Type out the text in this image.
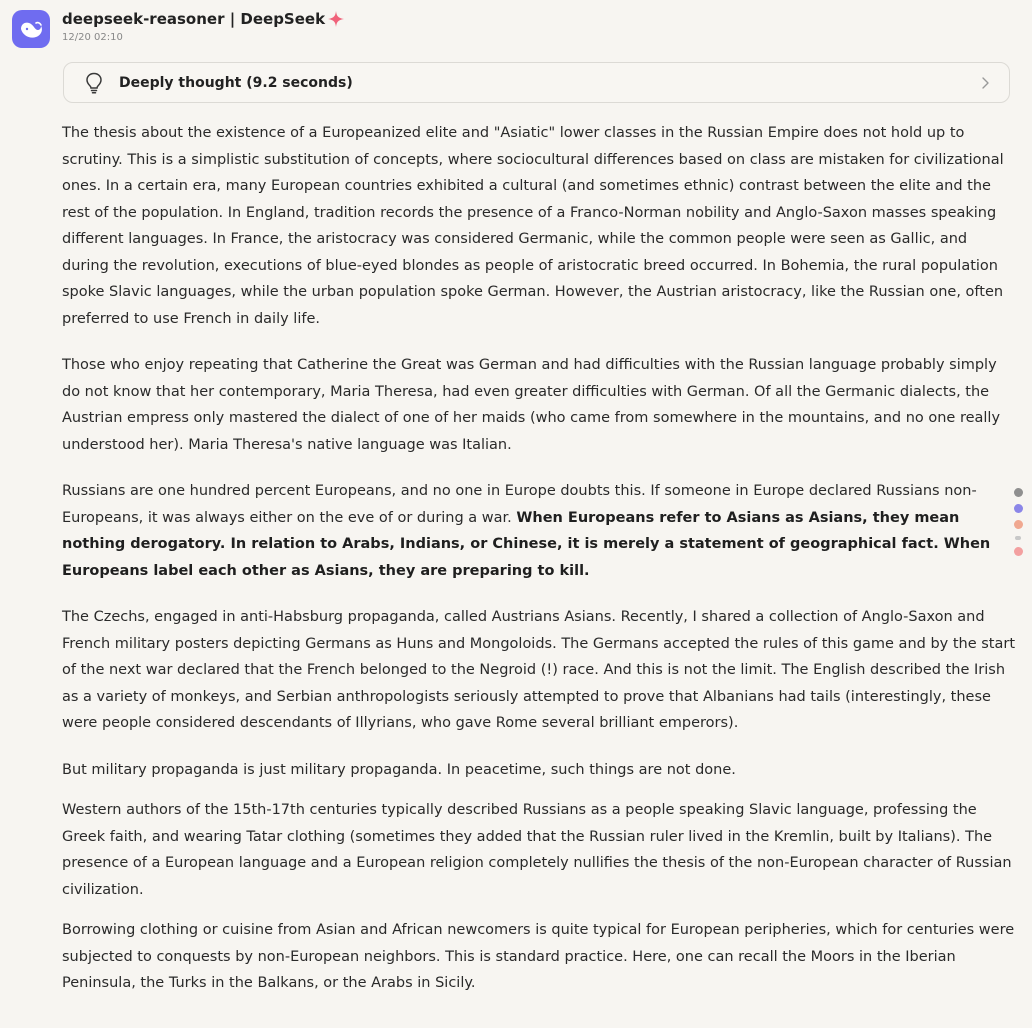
deepseek-reasoner | DeepSeek
12/20 02:10
Deeply thought (9.2 seconds)

The thesis about the existence of a Europeanized elite and "Asiatic" lower classes in the Russian Empire does not hold up to scrutiny. This is a simplistic substitution of concepts, where sociocultural differences based on class are mistaken for civilizational ones. In a certain era, many European countries exhibited a cultural (and sometimes ethnic) contrast between the elite and the rest of the population. In England, tradition records the presence of a Franco-Norman nobility and Anglo-Saxon masses speaking different languages. In France, the aristocracy was considered Germanic, while the common people were seen as Gallic, and during the revolution, executions of blue-eyed blondes as people of aristocratic breed occurred. In Bohemia, the rural population spoke Slavic languages, while the urban population spoke German. However, the Austrian aristocracy, like the Russian one, often preferred to use French in daily life.

Those who enjoy repeating that Catherine the Great was German and had difficulties with the Russian language probably simply do not know that her contemporary, Maria Theresa, had even greater difficulties with German. Of all the Germanic dialects, the Austrian empress only mastered the dialect of one of her maids (who came from somewhere in the mountains, and no one really understood her). Maria Theresa's native language was Italian.

Russians are one hundred percent Europeans, and no one in Europe doubts this. If someone in Europe declared Russians non-Europeans, it was always either on the eve of or during a war. When Europeans refer to Asians as Asians, they mean nothing derogatory. In relation to Arabs, Indians, or Chinese, it is merely a statement of geographical fact. When Europeans label each other as Asians, they are preparing to kill.

The Czechs, engaged in anti-Habsburg propaganda, called Austrians Asians. Recently, I shared a collection of Anglo-Saxon and French military posters depicting Germans as Huns and Mongoloids. The Germans accepted the rules of this game and by the start of the next war declared that the French belonged to the Negroid (!) race. And this is not the limit. The English described the Irish as a variety of monkeys, and Serbian anthropologists seriously attempted to prove that Albanians had tails (interestingly, these were people considered descendants of Illyrians, who gave Rome several brilliant emperors).

But military propaganda is just military propaganda. In peacetime, such things are not done.

Western authors of the 15th-17th centuries typically described Russians as a people speaking Slavic language, professing the Greek faith, and wearing Tatar clothing (sometimes they added that the Russian ruler lived in the Kremlin, built by Italians). The presence of a European language and a European religion completely nullifies the thesis of the non-European character of Russian civilization.

Borrowing clothing or cuisine from Asian and African newcomers is quite typical for European peripheries, which for centuries were subjected to conquests by non-European neighbors. This is standard practice. Here, one can recall the Moors in the Iberian Peninsula, the Turks in the Balkans, or the Arabs in Sicily.
